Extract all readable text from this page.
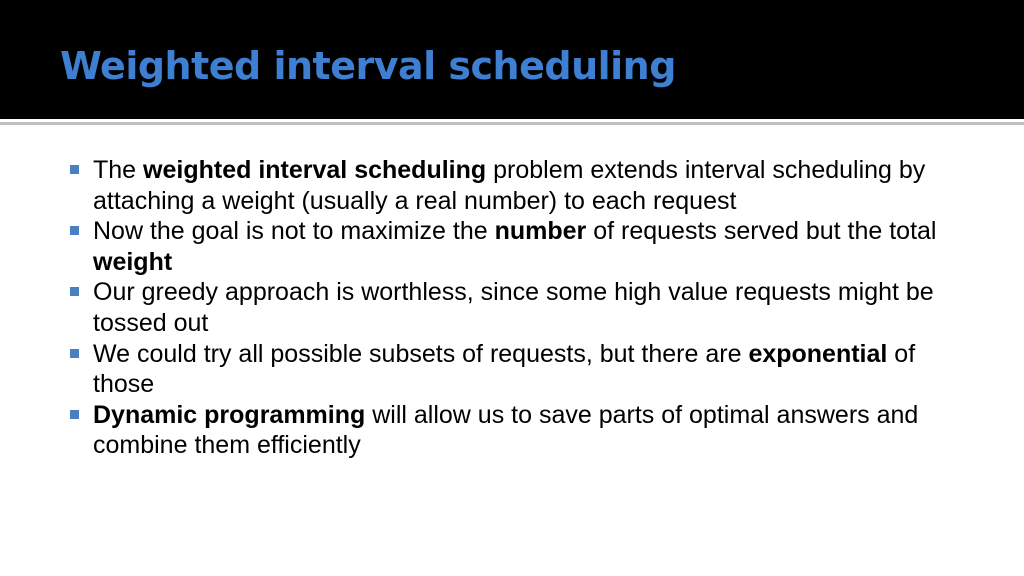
Weighted interval scheduling
The weighted interval scheduling problem extends interval scheduling by attaching a weight (usually a real number) to each request
Now the goal is not to maximize the number of requests served but the total weight
Our greedy approach is worthless, since some high value requests might be tossed out
We could try all possible subsets of requests, but there are exponential of those
Dynamic programming will allow us to save parts of optimal answers and combine them efficiently
